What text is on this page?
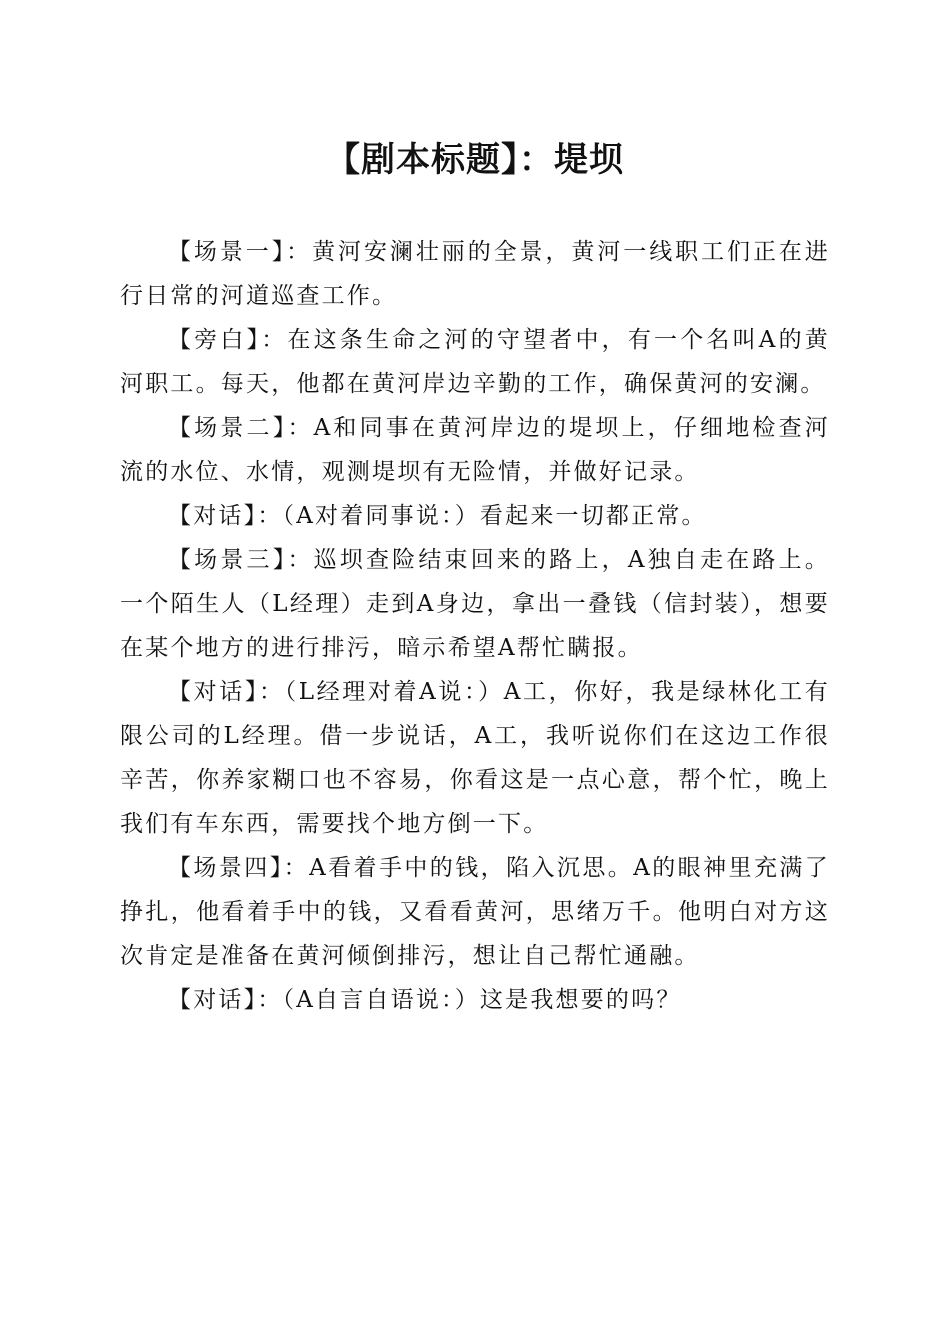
【剧本标题】：堤坝

【场景一】：黄河安澜壮丽的全景，黄河一线职工们正在进行日常的河道巡查工作。

【旁白】：在这条生命之河的守望者中，有一个名叫A的黄河职工。每天，他都在黄河岸边辛勤的工作，确保黄河的安澜。

【场景二】：A和同事在黄河岸边的堤坝上，仔细地检查河流的水位、水情，观测堤坝有无险情，并做好记录。

【对话】：（A对着同事说：）看起来一切都正常。

【场景三】：巡坝查险结束回来的路上，A独自走在路上。一个陌生人（L经理）走到A身边，拿出一叠钱（信封装），想要在某个地方的进行排污，暗示希望A帮忙瞒报。

【对话】：（L经理对着A说：）A工，你好，我是绿林化工有限公司的L经理。借一步说话，A工，我听说你们在这边工作很辛苦，你养家糊口也不容易，你看这是一点心意，帮个忙，晚上我们有车东西，需要找个地方倒一下。

【场景四】：A看着手中的钱，陷入沉思。A的眼神里充满了挣扎，他看着手中的钱，又看看黄河，思绪万千。他明白对方这次肯定是准备在黄河倾倒排污，想让自己帮忙通融。

【对话】：（A自言自语说：）这是我想要的吗？
